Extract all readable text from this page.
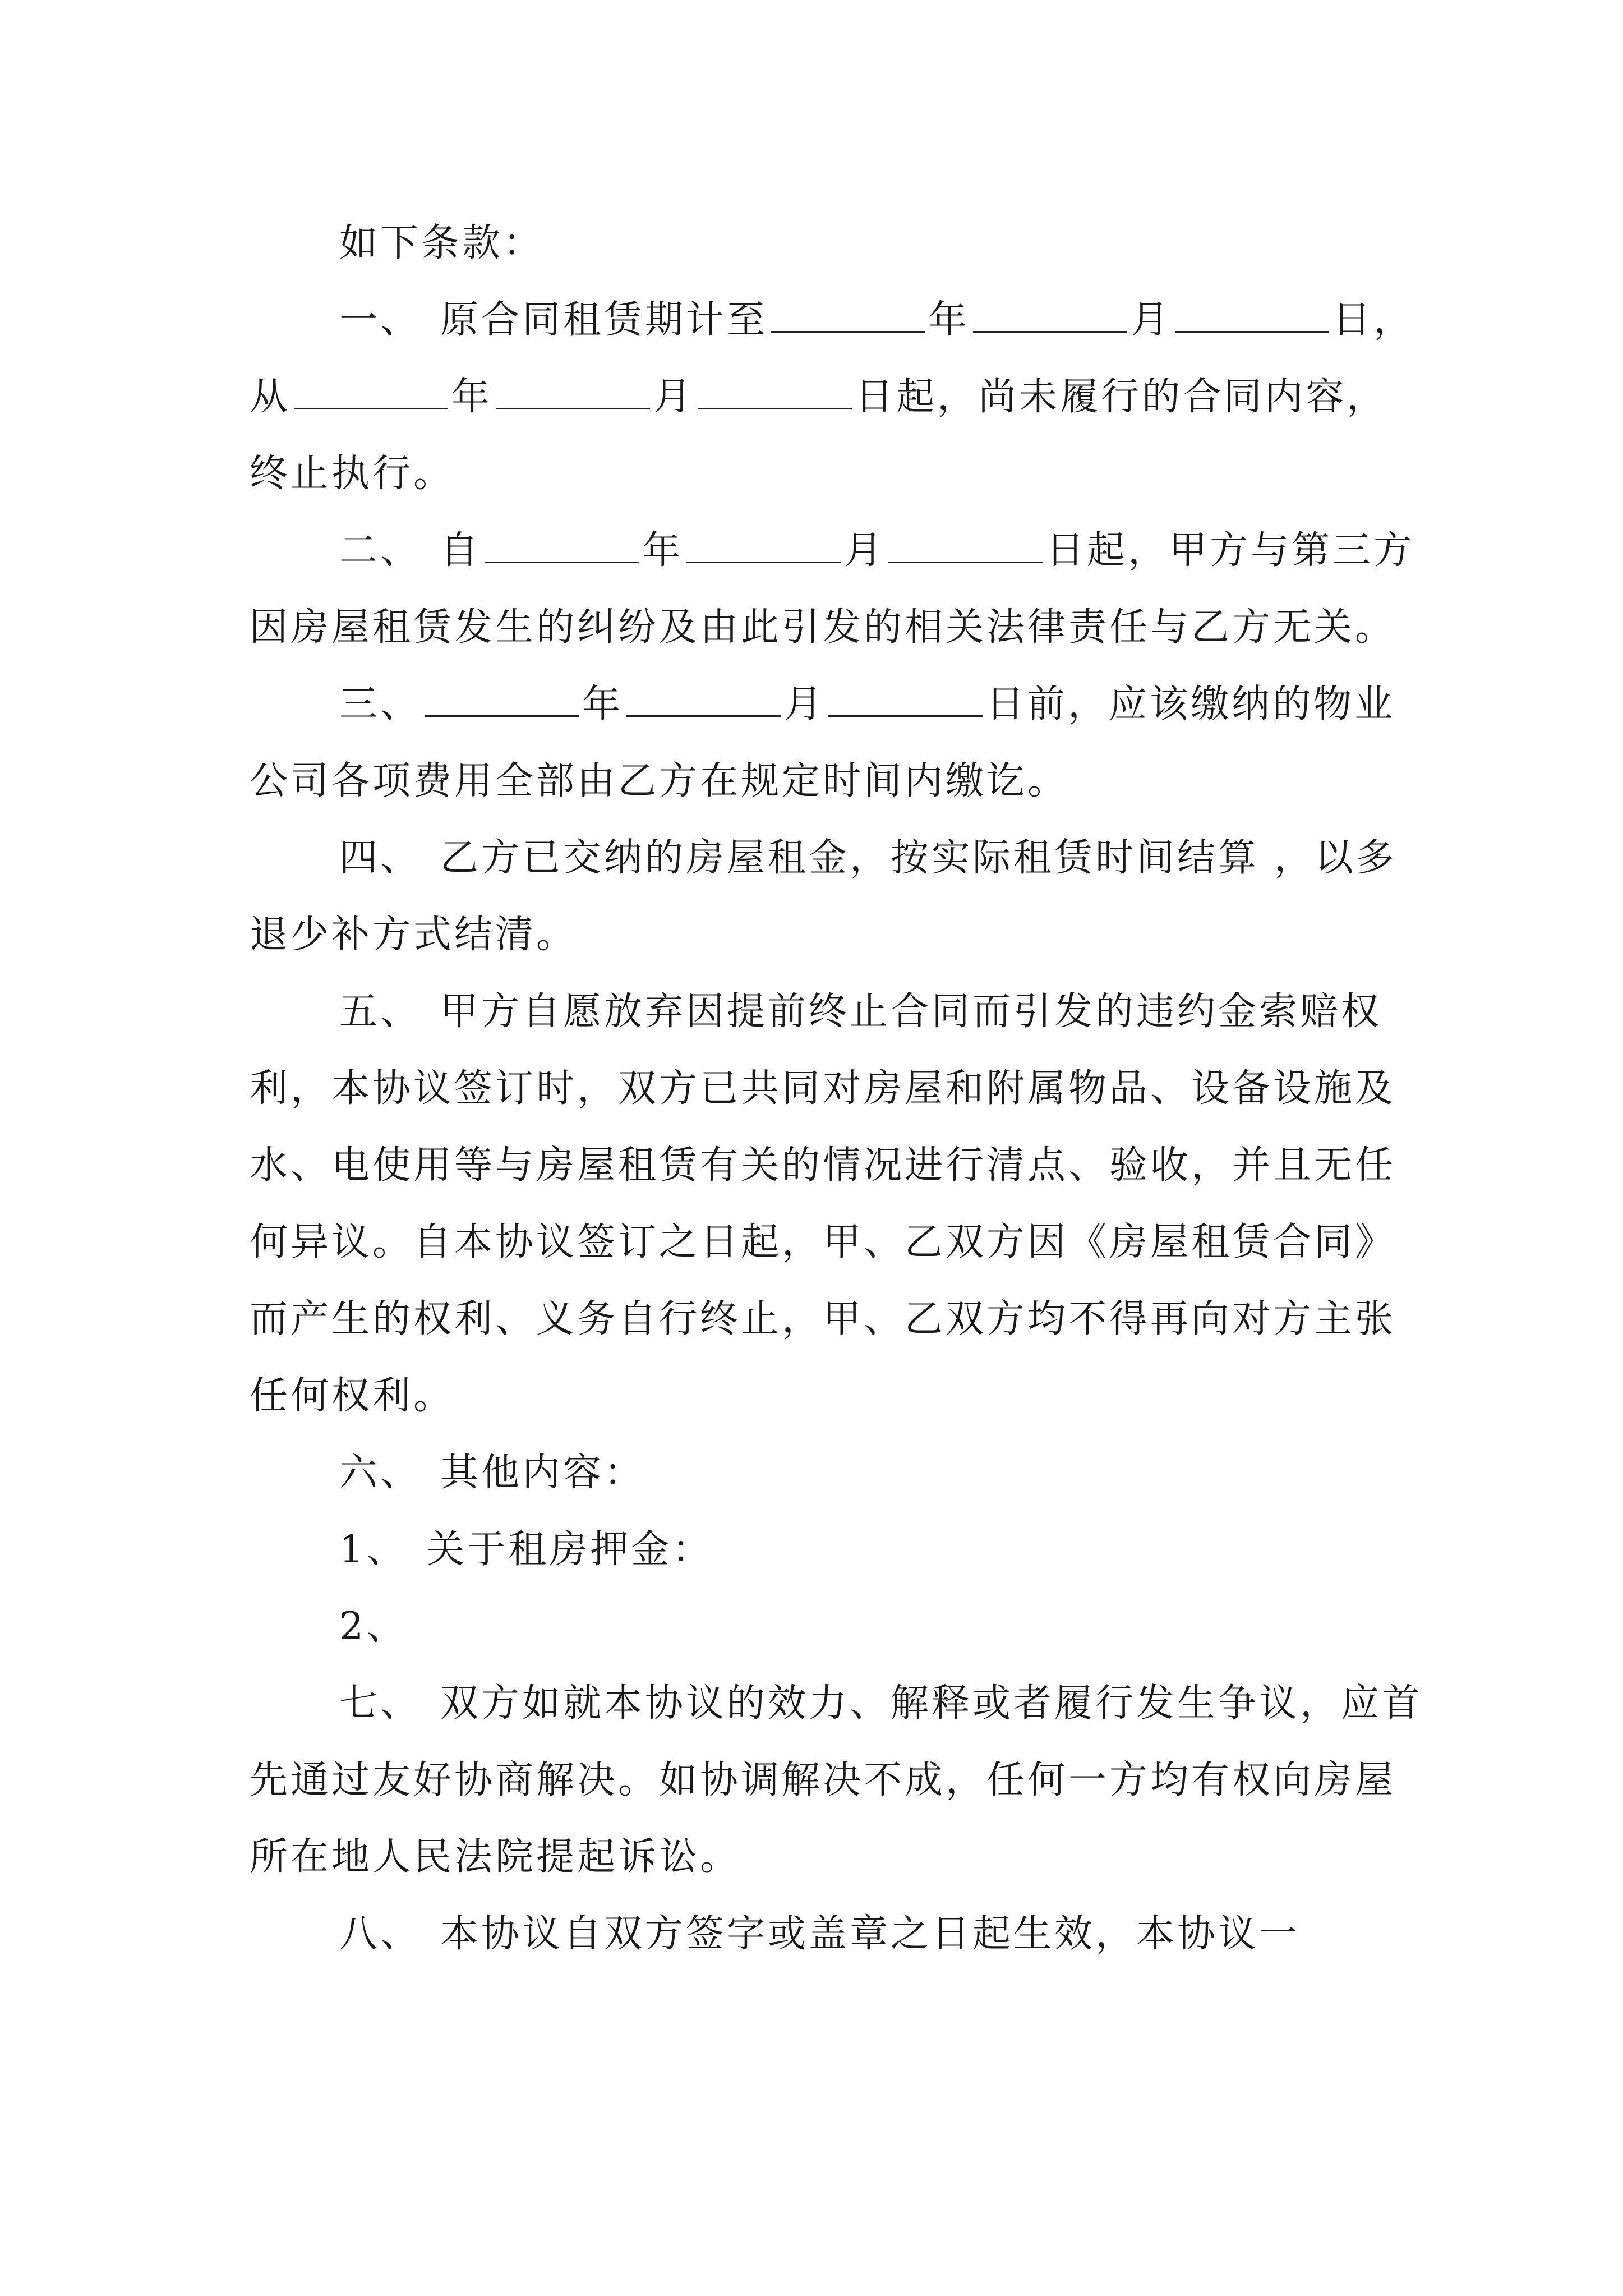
如下条款：

一、 原合同租赁期计至	年	月	日，从	年	月	日起，尚未履行的合同内容，终止执行。

二、 自	年	月	日起，甲方与第三方因房屋租赁发生的纠纷及由此引发的相关法律责任与乙方无关。

三、	年	月	日前，应该缴纳的物业公司各项费用全部由乙方在规定时间内缴讫。

四、 乙方已交纳的房屋租金，按实际租赁时间结算 ，以多退少补方式结清。

五、 甲方自愿放弃因提前终止合同而引发的违约金索赔权利，本协议签订时，双方已共同对房屋和附属物品、设备设施及水、电使用等与房屋租赁有关的情况进行清点、验收，并且无任何异议。自本协议签订之日起，甲、乙双方因《房屋租赁合同》而产生的权利、义务自行终止，甲、乙双方均不得再向对方主张任何权利。

六、 其他内容：

1、 关于租房押金：

2、

七、 双方如就本协议的效力、解释或者履行发生争议，应首先通过友好协商解决。如协调解决不成，任何一方均有权向房屋所在地人民法院提起诉讼。

八、 本协议自双方签字或盖章之日起生效，本协议一
